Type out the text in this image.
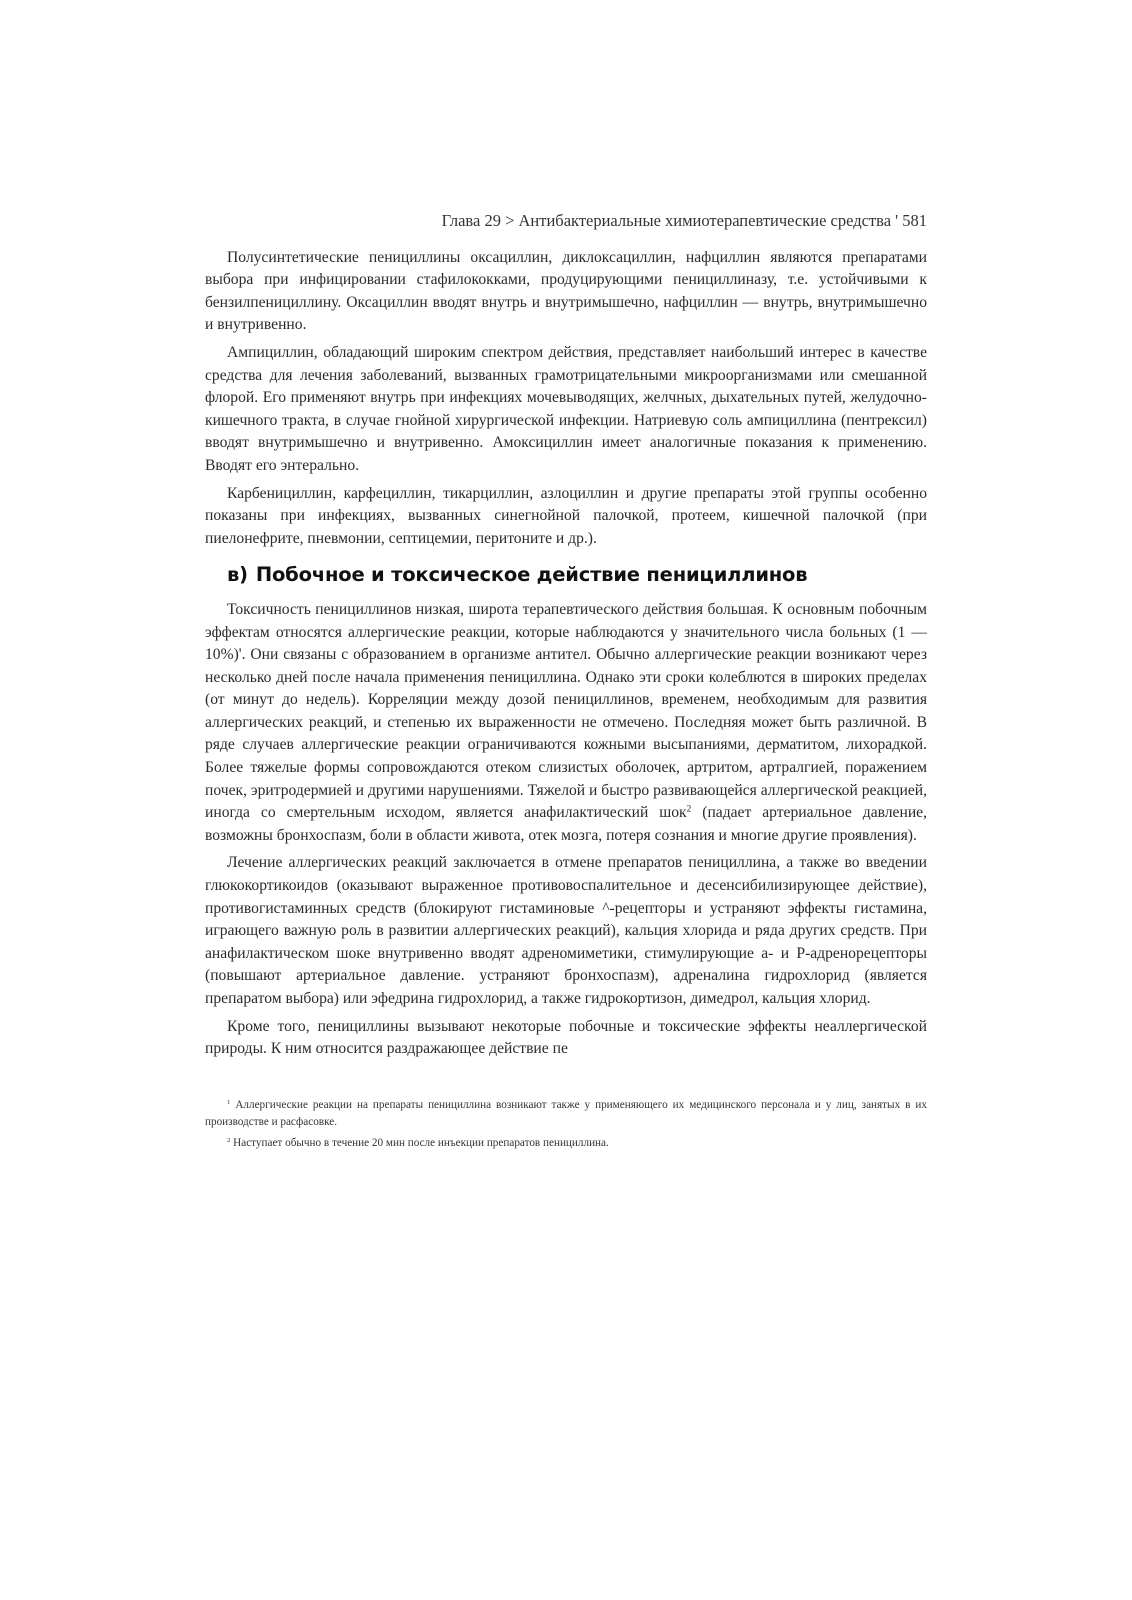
Глава 29 > Антибактериальные химиотерапевтические средства ' 581

Полусинтетические пенициллины оксациллин, диклоксациллин, нафциллин являются препаратами выбора при инфицировании стафилококками, продуцирующими пенициллиназу, т.е. устойчивыми к бензилпенициллину. Оксациллин вводят внутрь и внутримышечно, нафциллин — внутрь, внутримышечно и внутривенно.

Ампициллин, обладающий широким спектром действия, представляет наибольший интерес в качестве средства для лечения заболеваний, вызванных грамотрицательными микроорганизмами или смешанной флорой. Его применяют внутрь при инфекциях мочевыводящих, желчных, дыхательных путей, желудочно-кишечного тракта, в случае гнойной хирургической инфекции. Натриевую соль ампициллина (пентрексил) вводят внутримышечно и внутривенно. Амоксициллин имеет аналогичные показания к применению. Вводят его энтерально.

Карбенициллин, карфециллин, тикарциллин, азлоциллин и другие препараты этой группы особенно показаны при инфекциях, вызванных синегнойной палочкой, протеем, кишечной палочкой (при пиелонефрите, пневмонии, септицемии, перитоните и др.).

в) Побочное и токсическое действие пенициллинов

Токсичность пенициллинов низкая, широта терапевтического действия большая. К основным побочным эффектам относятся аллергические реакции, которые наблюдаются у значительного числа больных (1 — 10%)'. Они связаны с образованием в организме антител. Обычно аллергические реакции возникают через несколько дней после начала применения пенициллина. Однако эти сроки колеблются в широких пределах (от минут до недель). Корреляции между дозой пенициллинов, временем, необходимым для развития аллергических реакций, и степенью их выраженности не отмечено. Последняя может быть различной. В ряде случаев аллергические реакции ограничиваются кожными высыпаниями, дерматитом, лихорадкой. Более тяжелые формы сопровождаются отеком слизистых оболочек, артритом, артралгией, поражением почек, эритродермией и другими нарушениями. Тяжелой и быстро развивающейся аллергической реакцией, иногда со смертельным исходом, является анафилактический шок$^2$ (падает артериальное давление, возможны бронхоспазм, боли в области живота, отек мозга, потеря сознания и многие другие проявления).

Лечение аллергических реакций заключается в отмене препаратов пенициллина, а также во введении глюкокортикоидов (оказывают выраженное противовоспалительное и десенсибилизирующее действие), противогистаминных средств (блокируют гистаминовые ^-рецепторы и устраняют эффекты гистамина, играющего важную роль в развитии аллергических реакций), кальция хлорида и ряда других средств. При анафилактическом шоке внутривенно вводят адреномиметики, стимулирующие а- и Р-адренорецепторы (повышают артериальное давление. устраняют бронхоспазм), адреналина гидрохлорид (является препаратом выбора) или эфедрина гидрохлорид, а также гидрокортизон, димедрол, кальция хлорид.

Кроме того, пенициллины вызывают некоторые побочные и токсические эффекты неаллергической природы. К ним относится раздражающее действие пе

$^1$ Аллергические реакции на препараты пенициллина возникают также у применяющего их медицинского персонала и у лиц, занятых в их производстве и расфасовке.

$^2$ Наступает обычно в течение 20 мин после инъекции препаратов пенициллина.
